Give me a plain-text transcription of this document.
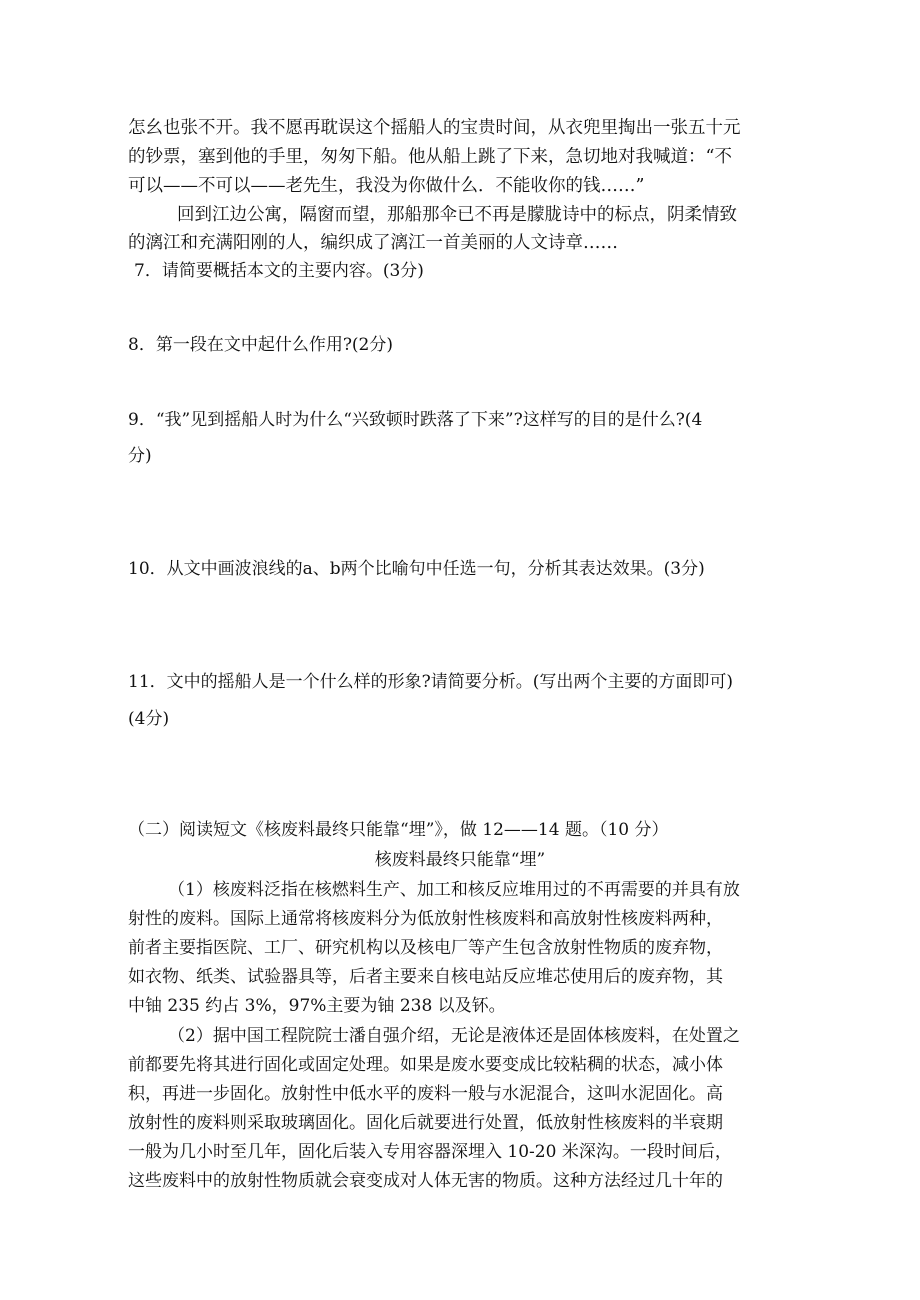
怎幺也张不开。我不愿再耽误这个摇船人的宝贵时间，从衣兜里掏出一张五十元
的钞票，塞到他的手里，匆匆下船。他从船上跳了下来，急切地对我喊道：“不
可以——不可以——老先生，我没为你做什么．不能收你的钱……”
回到江边公寓，隔窗而望，那船那伞已不再是朦胧诗中的标点，阴柔情致
的漓江和充满阳刚的人，编织成了漓江一首美丽的人文诗章……
7．请简要概括本文的主要内容。(3分)
8．第一段在文中起什么作用?(2分)
9．“我”见到摇船人时为什么“兴致顿时跌落了下来”?这样写的目的是什么?(4
分)
10．从文中画波浪线的a、b两个比喻句中任选一句，分析其表达效果。(3分)
11．文中的摇船人是一个什么样的形象?请简要分析。(写出两个主要的方面即可)
(4分)
（二）阅读短文《核废料最终只能靠“埋”》，做 12——14 题。（10 分）
核废料最终只能靠“埋”
（1）核废料泛指在核燃料生产、加工和核反应堆用过的不再需要的并具有放
射性的废料。国际上通常将核废料分为低放射性核废料和高放射性核废料两种，
前者主要指医院、工厂、研究机构以及核电厂等产生包含放射性物质的废弃物，
如衣物、纸类、试验器具等，后者主要来自核电站反应堆芯使用后的废弃物，其
中铀 235 约占 3%，97%主要为铀 238 以及钚。
（2）据中国工程院院士潘自强介绍，无论是液体还是固体核废料，在处置之
前都要先将其进行固化或固定处理。如果是废水要变成比较粘稠的状态，减小体
积，再进一步固化。放射性中低水平的废料一般与水泥混合，这叫水泥固化。高
放射性的废料则采取玻璃固化。固化后就要进行处置，低放射性核废料的半衰期
一般为几小时至几年，固化后装入专用容器深埋入 10-20 米深沟。一段时间后，
这些废料中的放射性物质就会衰变成对人体无害的物质。这种方法经过几十年的
